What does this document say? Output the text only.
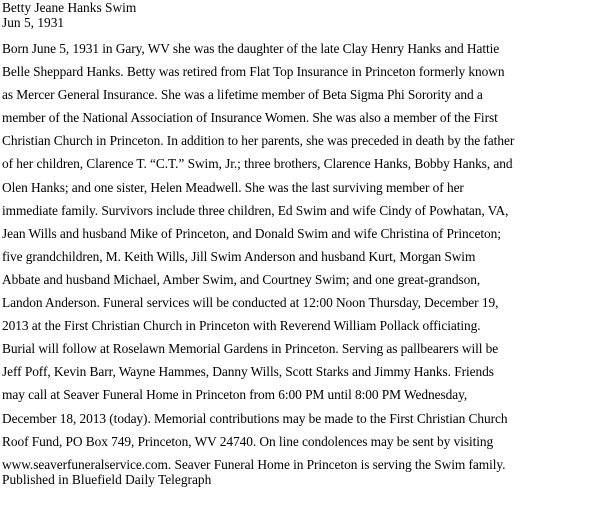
Betty Jeane Hanks Swim
Jun 5, 1931
Born June 5, 1931 in Gary, WV she was the daughter of the late Clay Henry Hanks and Hattie
Belle Sheppard Hanks. Betty was retired from Flat Top Insurance in Princeton formerly known
as Mercer General Insurance. She was a lifetime member of Beta Sigma Phi Sorority and a
member of the National Association of Insurance Women. She was also a member of the First
Christian Church in Princeton. In addition to her parents, she was preceded in death by the father
of her children, Clarence T. “C.T.” Swim, Jr.; three brothers, Clarence Hanks, Bobby Hanks, and
Olen Hanks; and one sister, Helen Meadwell. She was the last surviving member of her
immediate family. Survivors include three children, Ed Swim and wife Cindy of Powhatan, VA,
Jean Wills and husband Mike of Princeton, and Donald Swim and wife Christina of Princeton;
five grandchildren, M. Keith Wills, Jill Swim Anderson and husband Kurt, Morgan Swim
Abbate and husband Michael, Amber Swim, and Courtney Swim; and one great-grandson,
Landon Anderson. Funeral services will be conducted at 12:00 Noon Thursday, December 19,
2013 at the First Christian Church in Princeton with Reverend William Pollack officiating.
Burial will follow at Roselawn Memorial Gardens in Princeton. Serving as pallbearers will be
Jeff Poff, Kevin Barr, Wayne Hammes, Danny Wills, Scott Starks and Jimmy Hanks. Friends
may call at Seaver Funeral Home in Princeton from 6:00 PM until 8:00 PM Wednesday,
December 18, 2013 (today). Memorial contributions may be made to the First Christian Church
Roof Fund, PO Box 749, Princeton, WV 24740. On line condolences may be sent by visiting
www.seaverfuneralservice.com. Seaver Funeral Home in Princeton is serving the Swim family.
Published in Bluefield Daily Telegraph
